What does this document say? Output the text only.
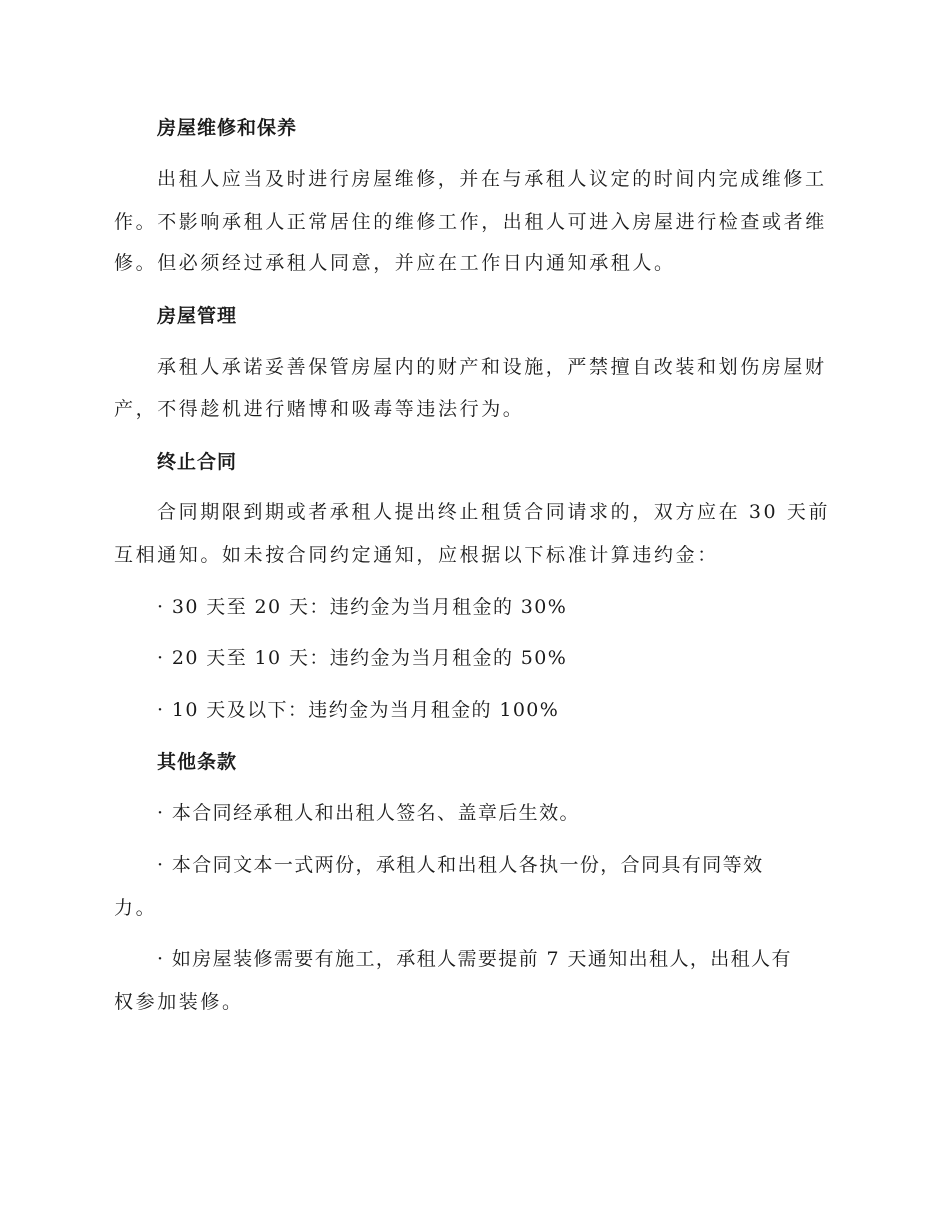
房屋维修和保养

出租人应当及时进行房屋维修，并在与承租人议定的时间内完成维修工

作。不影响承租人正常居住的维修工作，出租人可进入房屋进行检查或者维

修。但必须经过承租人同意，并应在工作日内通知承租人。

房屋管理

承租人承诺妥善保管房屋内的财产和设施，严禁擅自改装和划伤房屋财

产，不得趁机进行赌博和吸毒等违法行为。

终止合同

合同期限到期或者承租人提出终止租赁合同请求的，双方应在 30 天前

互相通知。如未按合同约定通知，应根据以下标准计算违约金：

· 30 天至 20 天：违约金为当月租金的 30%

· 20 天至 10 天：违约金为当月租金的 50%

· 10 天及以下：违约金为当月租金的 100%

其他条款

· 本合同经承租人和出租人签名、盖章后生效。

· 本合同文本一式两份，承租人和出租人各执一份，合同具有同等效

力。

· 如房屋装修需要有施工，承租人需要提前 7 天通知出租人，出租人有

权参加装修。
